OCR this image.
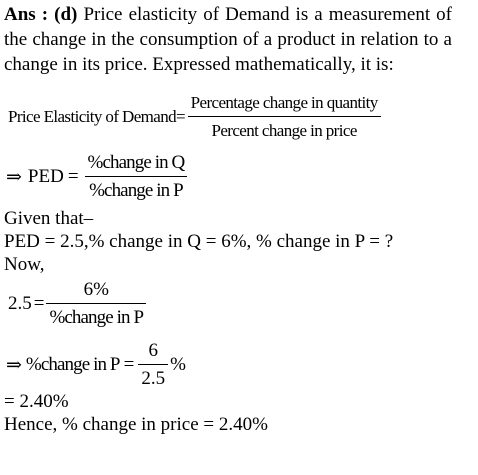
Ans : (d) Price elasticity of Demand is a measurement of the change in the consumption of a product in relation to a change in its price. Expressed mathematically, it is:
Price Elasticity of Demand = $\frac{\text{Percentage change in quantity}}{\text{Percent change in price}}$
⇒ PED = $\frac{\text{\%change in Q}}{\text{\%change in P}}$
Given that–
PED = 2.5,% change in Q = 6%, % change in P = ?
Now,
$2.5 = \frac{6\%}{\text{\%change in P}}$
⇒ %change in $P = \frac{6}{2.5}$ %
= 2.40%
Hence, % change in price = 2.40%
